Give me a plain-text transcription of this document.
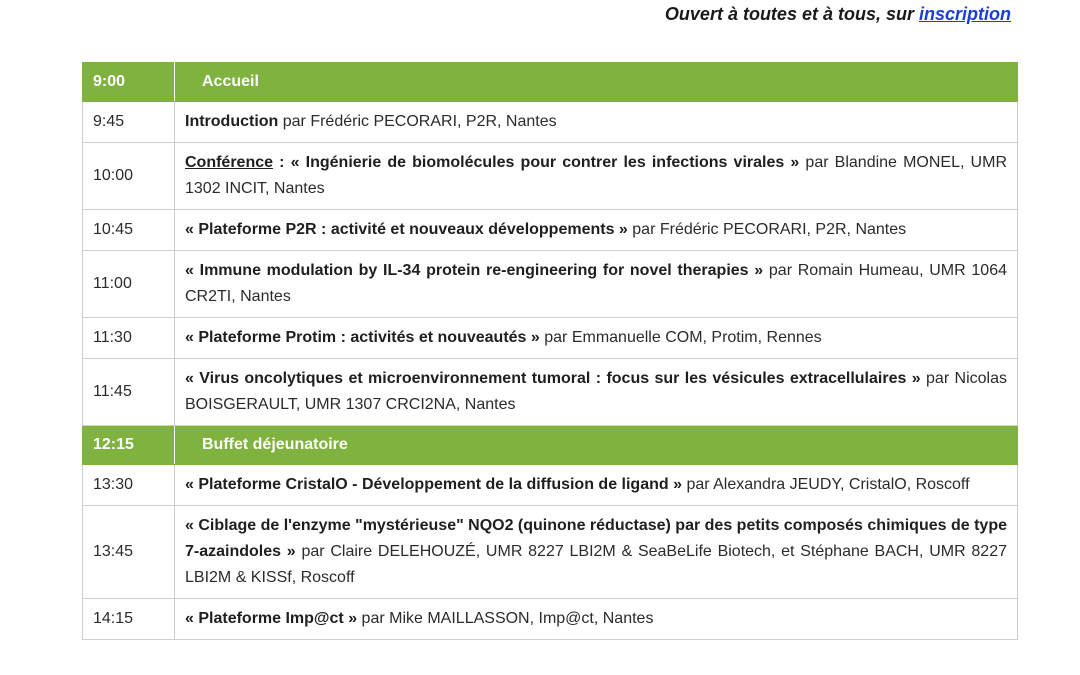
Ouvert à toutes et à tous, sur inscription
9:00	Accueil
9:45	Introduction par Frédéric PECORARI, P2R, Nantes
10:00	Conférence : « Ingénierie de biomolécules pour contrer les infections virales » par Blandine MONEL, UMR 1302 INCIT, Nantes
10:45	« Plateforme P2R : activité et nouveaux développements » par Frédéric PECORARI, P2R, Nantes
11:00	« Immune modulation by IL-34 protein re-engineering for novel therapies » par Romain Humeau, UMR 1064 CR2TI, Nantes
11:30	« Plateforme Protim : activités et nouveautés » par Emmanuelle COM, Protim, Rennes
11:45	« Virus oncolytiques et microenvironnement tumoral : focus sur les vésicules extracellulaires » par Nicolas BOISGERAULT, UMR 1307 CRCI2NA, Nantes
12:15	Buffet déjeunatoire
13:30	« Plateforme CristalO - Développement de la diffusion de ligand » par Alexandra JEUDY, CristalO, Roscoff
13:45	« Ciblage de l'enzyme "mystérieuse" NQO2 (quinone réductase) par des petits composés chimiques de type 7-azaindoles » par Claire DELEHOUZÉ, UMR 8227 LBI2M & SeaBeLife Biotech, et Stéphane BACH, UMR 8227 LBI2M & KISSf, Roscoff
14:15	« Plateforme Imp@ct » par Mike MAILLASSON, Imp@ct, Nantes
